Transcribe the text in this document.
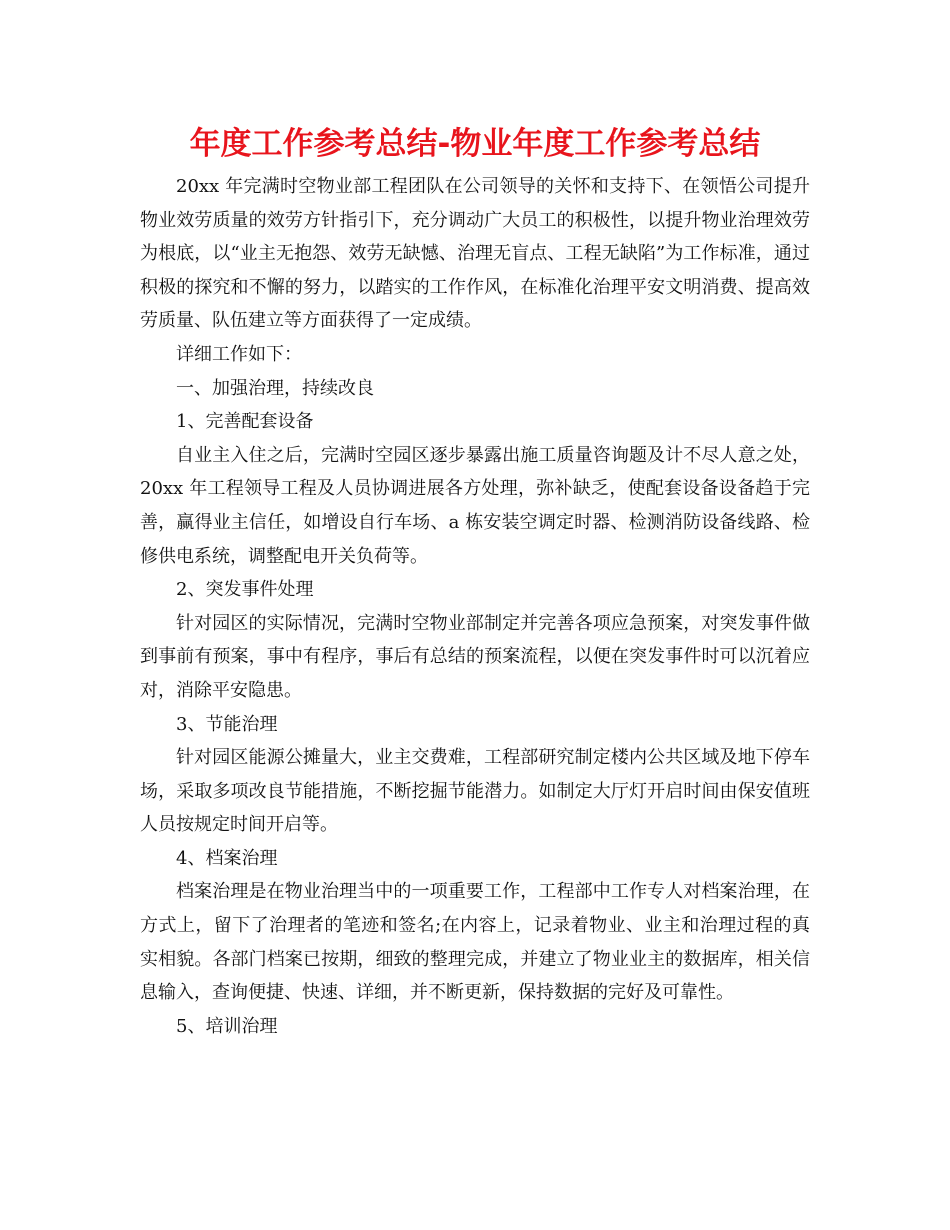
年度工作参考总结-物业年度工作参考总结

20xx 年完满时空物业部工程团队在公司领导的关怀和支持下、在领悟公司提升物业效劳质量的效劳方针指引下，充分调动广大员工的积极性，以提升物业治理效劳为根底，以“业主无抱怨、效劳无缺憾、治理无盲点、工程无缺陷”为工作标准，通过积极的探究和不懈的努力，以踏实的工作作风，在标准化治理平安文明消费、提高效劳质量、队伍建立等方面获得了一定成绩。

详细工作如下：

一、加强治理，持续改良

1、完善配套设备

自业主入住之后，完满时空园区逐步暴露出施工质量咨询题及计不尽人意之处，20xx 年工程领导工程及人员协调进展各方处理，弥补缺乏，使配套设备设备趋于完善，赢得业主信任，如增设自行车场、a 栋安装空调定时器、检测消防设备线路、检修供电系统，调整配电开关负荷等。

2、突发事件处理

针对园区的实际情况，完满时空物业部制定并完善各项应急预案，对突发事件做到事前有预案，事中有程序，事后有总结的预案流程，以便在突发事件时可以沉着应对，消除平安隐患。

3、节能治理

针对园区能源公摊量大，业主交费难，工程部研究制定楼内公共区域及地下停车场，采取多项改良节能措施，不断挖掘节能潜力。如制定大厅灯开启时间由保安值班人员按规定时间开启等。

4、档案治理

档案治理是在物业治理当中的一项重要工作，工程部中工作专人对档案治理，在方式上，留下了治理者的笔迹和签名;在内容上，记录着物业、业主和治理过程的真实相貌。各部门档案已按期，细致的整理完成，并建立了物业业主的数据库，相关信息输入，查询便捷、快速、详细，并不断更新，保持数据的完好及可靠性。

5、培训治理
